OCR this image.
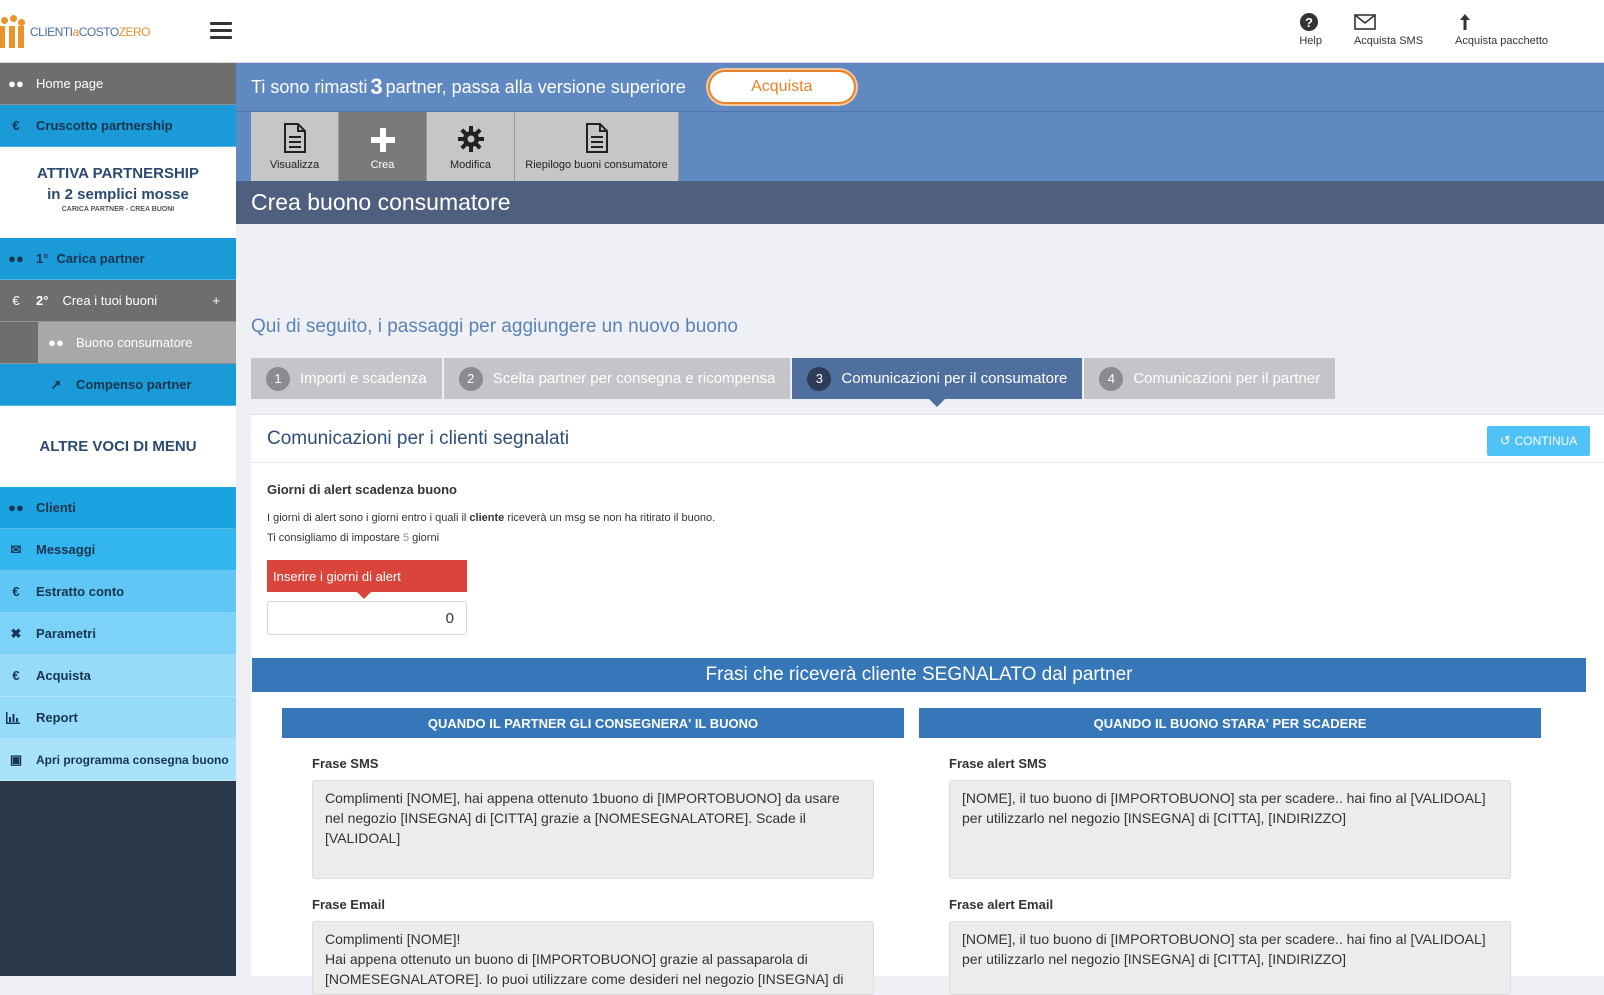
CLIENTIaCOSTOZERO
?
Help	Acquista SMS	Acquista pacchetto
●● Home page
€	Cruscotto partnership
ATTIVA PARTNERSHIP
in 2 semplici mosse
CARICA PARTNER - CREA BUONI
●● 1° Carica partner
€	2° Crea i tuoi buoni	+
●● Buono consumatore
↗	Compenso partner
ALTRE VOCI DI MENU
●● Clienti
✉	Messaggi
€	Estratto conto
✖	Parametri
€	Acquista
Report
▣	Apri programma consegna buono
Ti sono rimasti 3 partner, passa alla versione superiore	Acquista
Visualizza	Crea	Modifica	Riepilogo buoni consumatore
Crea buono consumatore
Qui di seguito, i passaggi per aggiungere un nuovo buono
1	Importi e scadenza	2	Scelta partner per consegna e ricompensa	3	Comunicazioni per il consumatore	4	Comunicazioni per il partner
Comunicazioni per i clienti segnalati	↺ CONTINUA
Giorni di alert scadenza buono
I giorni di alert sono i giorni entro i quali il cliente riceverà un msg se non ha ritirato il buono.
Ti consigliamo di impostare 5 giorni
Inserire i giorni di alert
0
Frasi che riceverà cliente SEGNALATO dal partner
QUANDO IL PARTNER GLI CONSEGNERA' IL BUONO
Frase SMS
Complimenti [NOME], hai appena ottenuto 1buono di [IMPORTOBUONO] da usare nel negozio [INSEGNA] di [CITTA] grazie a [NOMESEGNALATORE]. Scade il [VALIDOAL]
Frase Email
Complimenti [NOME]!
Hai appena ottenuto un buono di [IMPORTOBUONO] grazie al passaparola di [NOMESEGNALATORE]. Io puoi utilizzare come desideri nel negozio [INSEGNA] di
QUANDO IL BUONO STARA' PER SCADERE
Frase alert SMS
[NOME], il tuo buono di [IMPORTOBUONO] sta per scadere.. hai fino al [VALIDOAL] per utilizzarlo nel negozio [INSEGNA] di [CITTA], [INDIRIZZO]
Frase alert Email
[NOME], il tuo buono di [IMPORTOBUONO] sta per scadere.. hai fino al [VALIDOAL] per utilizzarlo nel negozio [INSEGNA] di [CITTA], [INDIRIZZO]
